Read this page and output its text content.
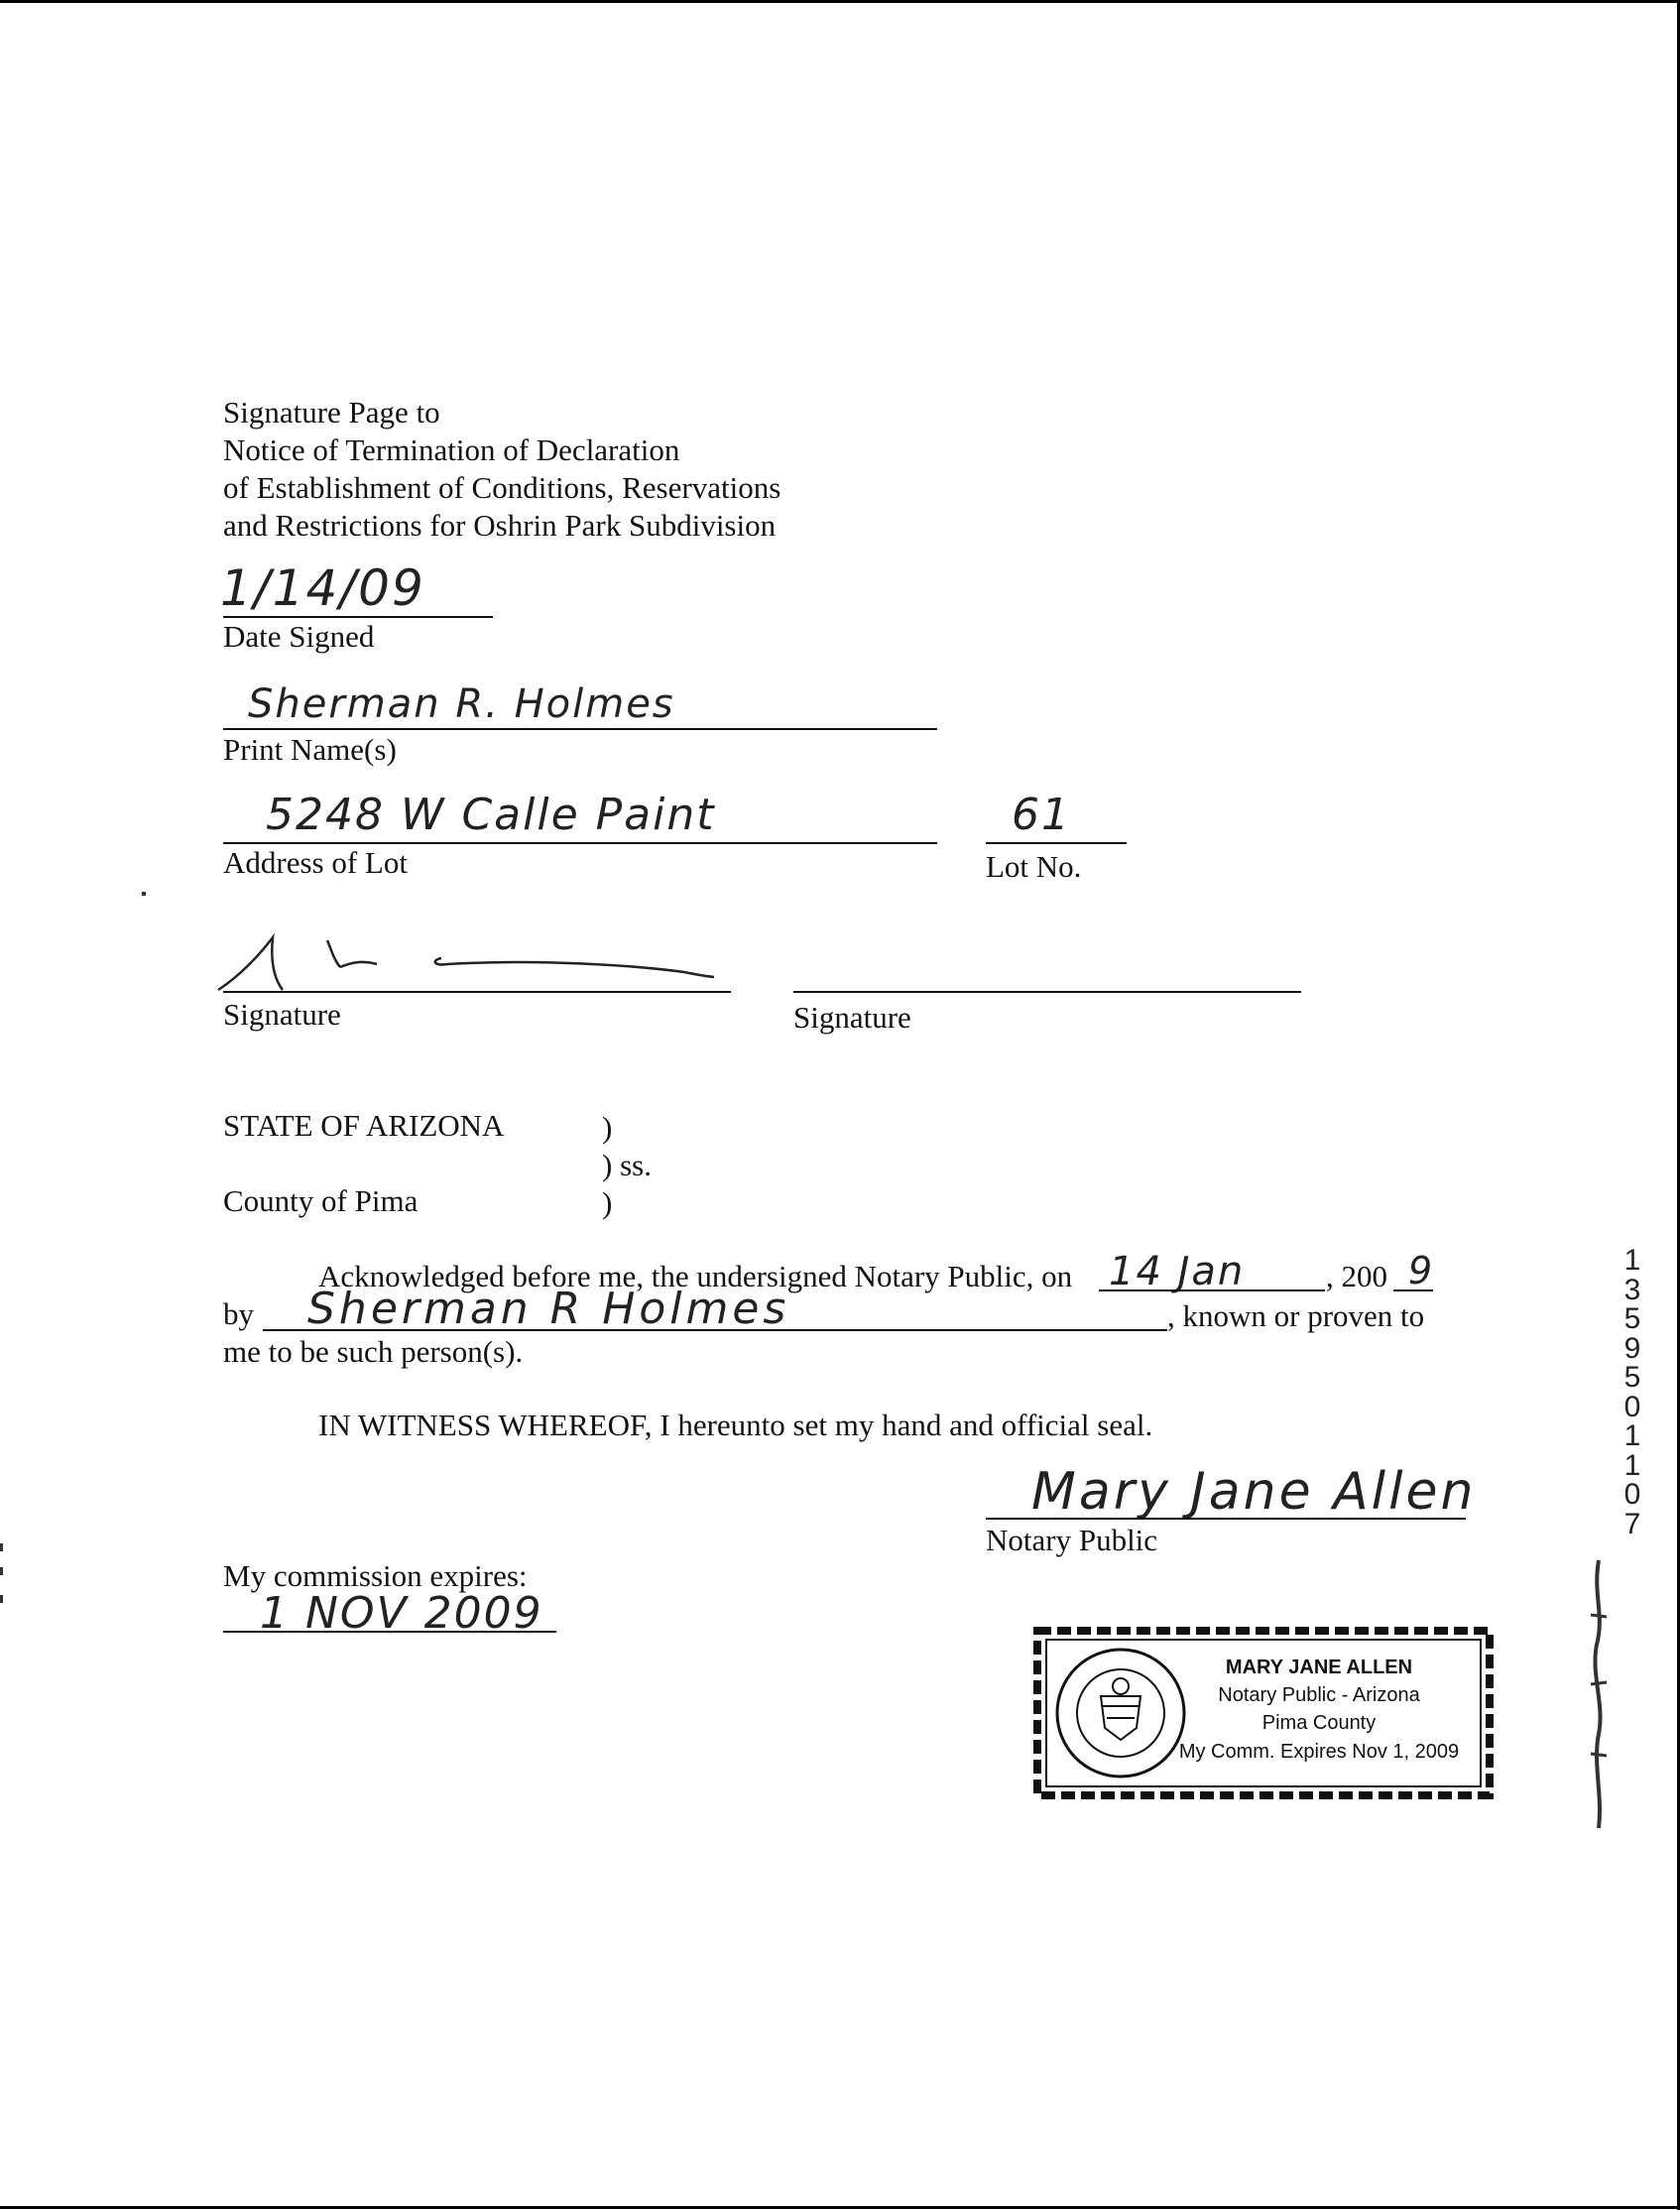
Signature Page to
Notice of Termination of Declaration
of Establishment of Conditions, Reservations
and Restrictions for Oshrin Park Subdivision
1/14/09
Date Signed
Sherman R. Holmes
Print Name(s)
5248 W Calle Paint
Address of Lot
61
Lot No.
Signature	Signature
STATE OF ARIZONA	)
) ss.
County of Pima	)
Acknowledged before me, the undersigned Notary Public, on 14 Jan	, 200 9
by Sherman R Holmes	, known or proven to
me to be such person(s).
IN WITNESS WHEREOF, I hereunto set my hand and official seal.
Mary Jane Allen
Notary Public
My commission expires:
1 NOV 2009
MARY JANE ALLEN
Notary Public - Arizona
Pima County
My Comm. Expires Nov 1, 2009
1
3
5
9
5
0
1
1
0
7
